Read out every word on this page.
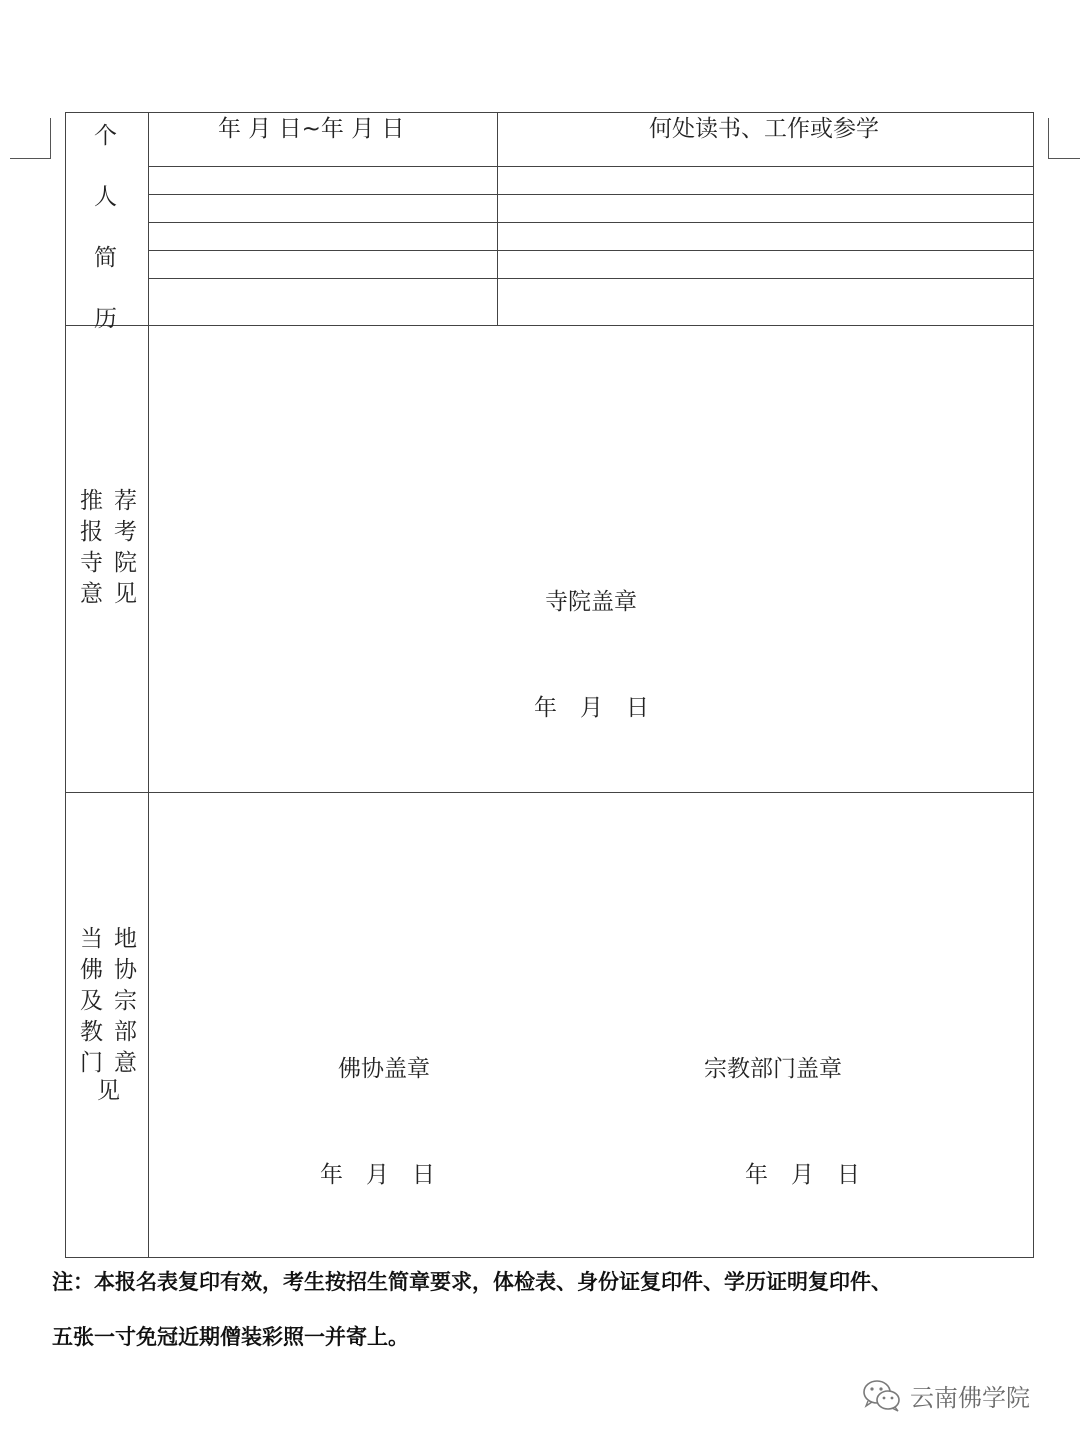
个
人
简
历
年 月 日~年 月 日	何处读书、工作或参学
推
报
寺
意
荐
考
院
见	寺院盖章
年　月　日
当
佛
及
教
门
地
协
宗
部
意
见
佛协盖章
年　月　日
宗教部门盖章
年　月　日
注：本报名表复印有效，考生按招生简章要求，体检表、身份证复印件、学历证明复印件、
五张一寸免冠近期僧装彩照一并寄上。
云南佛学院
